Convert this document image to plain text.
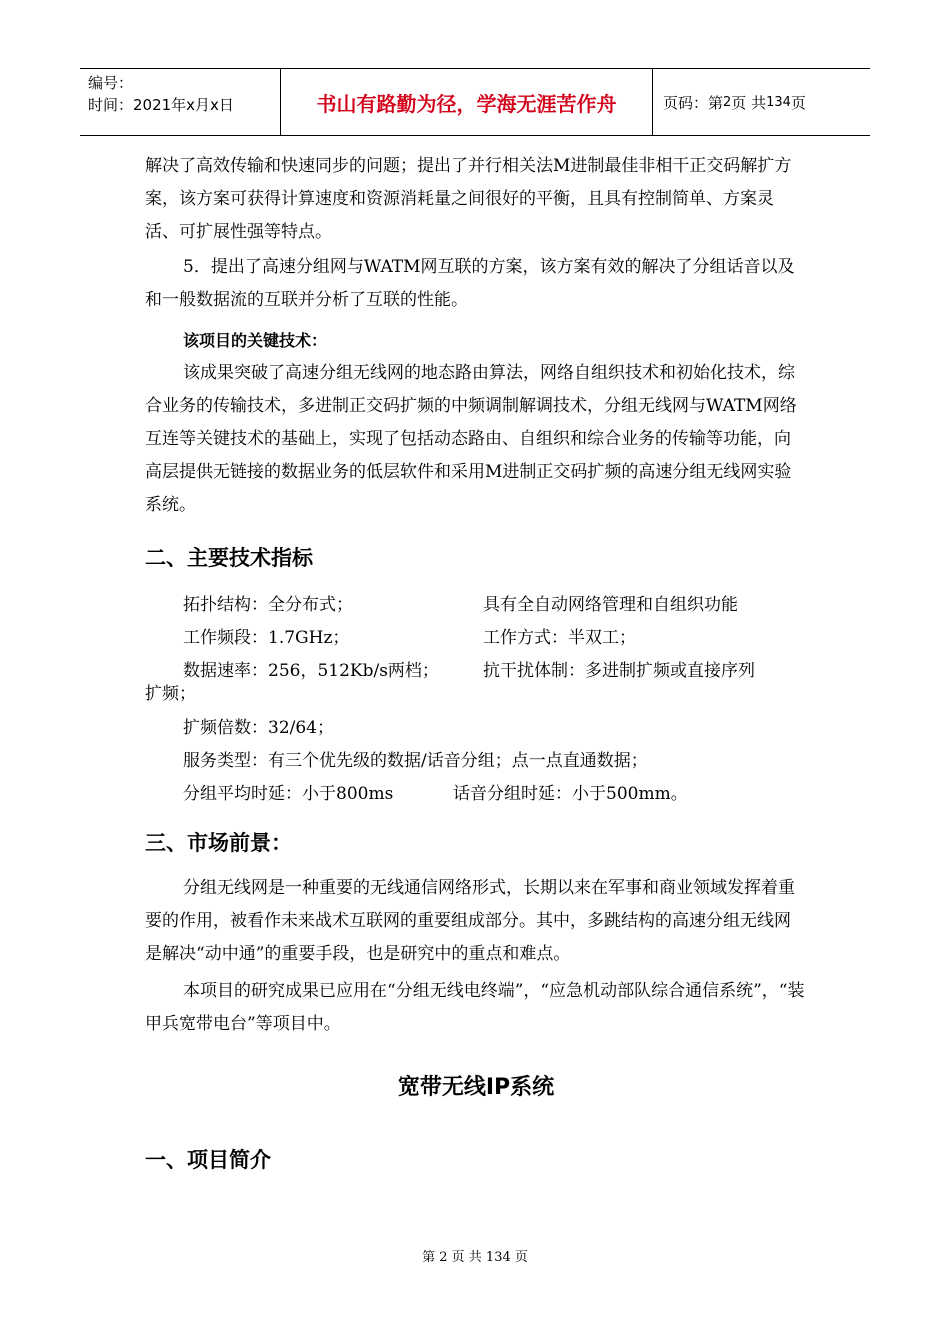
编号：
时间：2021年x月x日	书山有路勤为径，学海无涯苦作舟	页码：第 2 页 共 134 页

解决了高效传输和快速同步的问题；提出了并行相关法M进制最佳非相干正交码解扩方案，该方案可获得计算速度和资源消耗量之间很好的平衡，且具有控制简单、方案灵活、可扩展性强等特点。

5．提出了高速分组网与WATM网互联的方案，该方案有效的解决了分组话音以及和一般数据流的互联并分析了互联的性能。

该项目的关键技术：

该成果突破了高速分组无线网的地态路由算法，网络自组织技术和初始化技术，综合业务的传输技术，多进制正交码扩频的中频调制解调技术，分组无线网与WATM网络互连等关键技术的基础上，实现了包括动态路由、自组织和综合业务的传输等功能，向高层提供无链接的数据业务的低层软件和采用M进制正交码扩频的高速分组无线网实验系统。

二、主要技术指标
拓扑结构：全分布式；	具有全自动网络管理和自组织功能
工作频段：1.7GHz；	工作方式：半双工；
数据速率：256，512Kb/s两档；	抗干扰体制：多进制扩频或直接序列

扩频；

扩频倍数：32/64；

服务类型：有三个优先级的数据/话音分组；点一点直通数据；

分组平均时延：小于800ms	话音分组时延：小于500mm。
三、市场前景：

分组无线网是一种重要的无线通信网络形式，长期以来在军事和商业领域发挥着重要的作用，被看作未来战术互联网的重要组成部分。其中，多跳结构的高速分组无线网是解决“动中通”的重要手段，也是研究中的重点和难点。

本项目的研究成果已应用在“分组无线电终端”，“应急机动部队综合通信系统”，“装甲兵宽带电台”等项目中。

宽带无线IP系统
一、项目简介
第 2 页 共 134 页
